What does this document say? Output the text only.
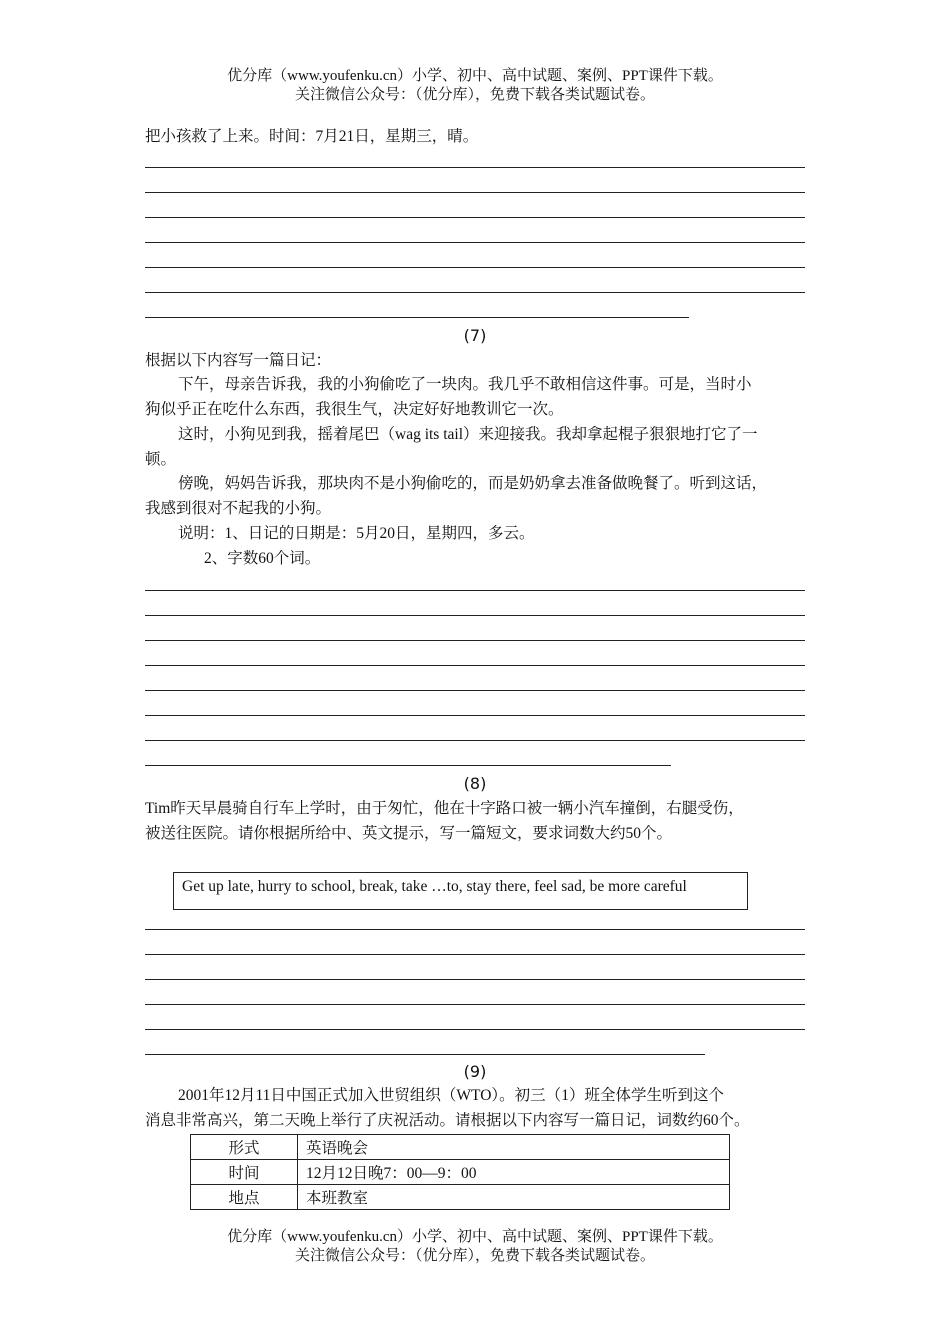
优分库（www.youfenku.cn）小学、初中、高中试题、案例、PPT课件下载。
关注微信公众号：（优分库），免费下载各类试题试卷。
把小孩救了上来。时间：7月21日，星期三，晴。
(7)
根据以下内容写一篇日记：
下午，母亲告诉我，我的小狗偷吃了一块肉。我几乎不敢相信这件事。可是，当时小
狗似乎正在吃什么东西，我很生气，决定好好地教训它一次。
这时，小狗见到我，摇着尾巴（wag its tail）来迎接我。我却拿起棍子狠狠地打它了一
顿。
傍晚，妈妈告诉我，那块肉不是小狗偷吃的，而是奶奶拿去准备做晚餐了。听到这话，
我感到很对不起我的小狗。
说明：1、日记的日期是：5月20日，星期四，多云。
2、字数60个词。
(8)
Tim昨天早晨骑自行车上学时，由于匆忙，他在十字路口被一辆小汽车撞倒，右腿受伤，
被送往医院。请你根据所给中、英文提示，写一篇短文，要求词数大约50个。
Get up late, hurry to school, break, take …to, stay there, feel sad, be more careful
(9)
2001年12月11日中国正式加入世贸组织（WTO）。初三（1）班全体学生听到这个
消息非常高兴，第二天晚上举行了庆祝活动。请根据以下内容写一篇日记，词数约60个。
形式	英语晚会
时间	12月12日晚7：00—9：00
地点	本班教室
优分库（www.youfenku.cn）小学、初中、高中试题、案例、PPT课件下载。
关注微信公众号：（优分库），免费下载各类试题试卷。
